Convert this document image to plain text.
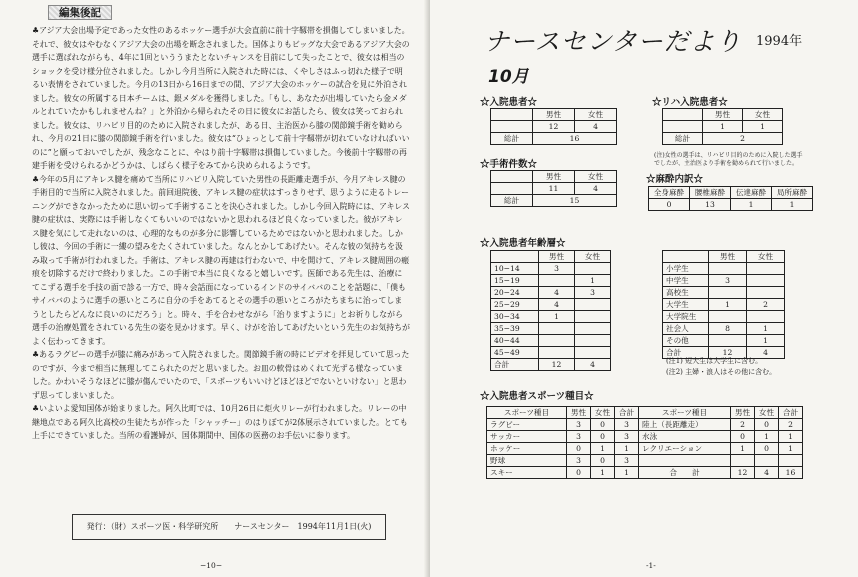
編集後記

♣アジア大会出場予定であった女性のあるホッケー選手が大会直前に前十字靱帯を損傷してしまいました。それで、彼女はやむなくアジア大会の出場を断念されました。国体よりもビッグな大会であるアジア大会の選手に選ばれながらも、4年に1回といううまたとないチャンスを目前にして失ったことで、彼女は相当のショックを受け様分位されました。しかし今月当所に入院された時には、くやしさはふっ切れた様子で明るい表情をされていました。今月の13日から16日までの間、アジア大会のホッケーの試合を見に外泊されました。彼女の所属する日本チームは、銀メダルを獲得しました。「もし、あなたが出場していたら金メダルとれていたかもしれませんね？」と外泊から帰られたその日に彼女にお話したら、彼女は笑っておられました。彼女は、リハビリ目的のために入院されましたが、ある日、主治医から膝の関節鏡手術を勧められ、今月の21日に膝の関節鏡手術を行いました。彼女は“ひょっとして前十字靱帯が切れていなければいいのに”と願っておいでしたが、残念なことに、やはり前十字靱帯は損傷していました。今後前十字靱帯の再建手術を受けられるかどうかは、しばらく様子をみてから決められるようです。

♣今年の5月にアキレス腱を痛めて当所にリハビリ入院していた男性の長距離走選手が、今月アキレス腱の手術目的で当所に入院されました。前回退院後、アキレス腱の症状はすっきりせず、思うように走るトレーニングができなかったために思い切って手術することを決心されました。しかし今回入院時には、アキレス腱の症状は、実際には手術しなくてもいいのではないかと思われるほど良くなっていました。彼がアキレス腱を気にして走れないのは、心理的なものが多分に影響しているためではないかと思われました。しかし彼は、今回の手術に一縷の望みをたくされていました。なんとかしてあげたい。そんな彼の気持ちを汲み取って手術が行われました。手術は、アキレス腱の再建は行わないで、中を開けて、アキレス腱周囲の瘢痕を切除するだけで終わりました。この手術で本当に良くなると嬉しいです。医師である先生は、治療にてこずる選手を手技の面で診る一方で、時々会話面になっているインドのサイババのことを話題に、「僕もサイババのように選手の悪いところに自分の手をあてるとその選手の悪いところがたちまちに治ってしまうとしたらどんなに良いのにだろう」と。時々、手を合わせながら「治りますように」とお祈りしながら選手の治療処置をされている先生の姿を見かけます。早く、けがを治してあげたいという先生のお気持ちがよく伝わってきます。

♣あるラグビーの選手が膝に痛みがあって入院されました。関節鏡手術の時にビデオを拝見していて思ったのですが、今まで相当に無理してこられたのだと思いました。お皿の軟骨はめくれて光ずる様なっていました。かわいそうなほどに膝が傷んでいたので、「スポーツもいいけどほどほどでないといけない」と思わず思ってしまいました。

♣いよいよ愛知国体が始まりました。阿久比町では、10月26日に炬火リレーが行われました。リレーの中継地点である阿久比高校の生徒たちが作った「シャッチー」のはりぼてが2体展示されていました。とても上手にできていました。当所の看護婦が、国体期間中、国体の医務のお手伝いに参ります。

発行：（財）スポーツ医・科学研究所　　ナースセンター　1994年11月1日(火)
−10−
ナースセンターだより 1994年
10月
☆入院患者☆
	男性	女性
	12	4
総計	16	
☆リハ入院患者☆
	男性	女性
	1	1
総計	2	
(注)女性の選手は、リハビリ目的のために入院した選手でしたが、主治医より手術を勧められて行いました。
☆手術件数☆
	男性	女性
	11	4
総計	15	
☆麻酔内訳☆
全身麻酔	腰椎麻酔	伝達麻酔	局所麻酔
0	13	1	1
☆入院患者年齢層☆
	男性	女性
10−14	3	
15−19		1
20−24	4	3
25−29	4	
30−34	1	
35−39		
40−44		
45−49		
合計	12	4
	男性	女性
小学生		
中学生	3	
高校生		
大学生	1	2
大学院生		
社会人	8	1
その他		1
合計	12	4
(注1) 短大生は大学生に含む。
(注2) 主婦・浪人はその他に含む。
☆入院患者スポーツ種目☆
スポーツ種目	男性	女性	合計	スポーツ種目	男性	女性	合計
ラグビー	3	0	3	陸上（長距離走）	2	0	2
サッカー	3	0	3	水泳	0	1	1
ホッケー	0	1	1	レクリエーション	1	0	1
野球	3	0	3				
スキー	0	1	1	合　　計	12	4	16
-1-
